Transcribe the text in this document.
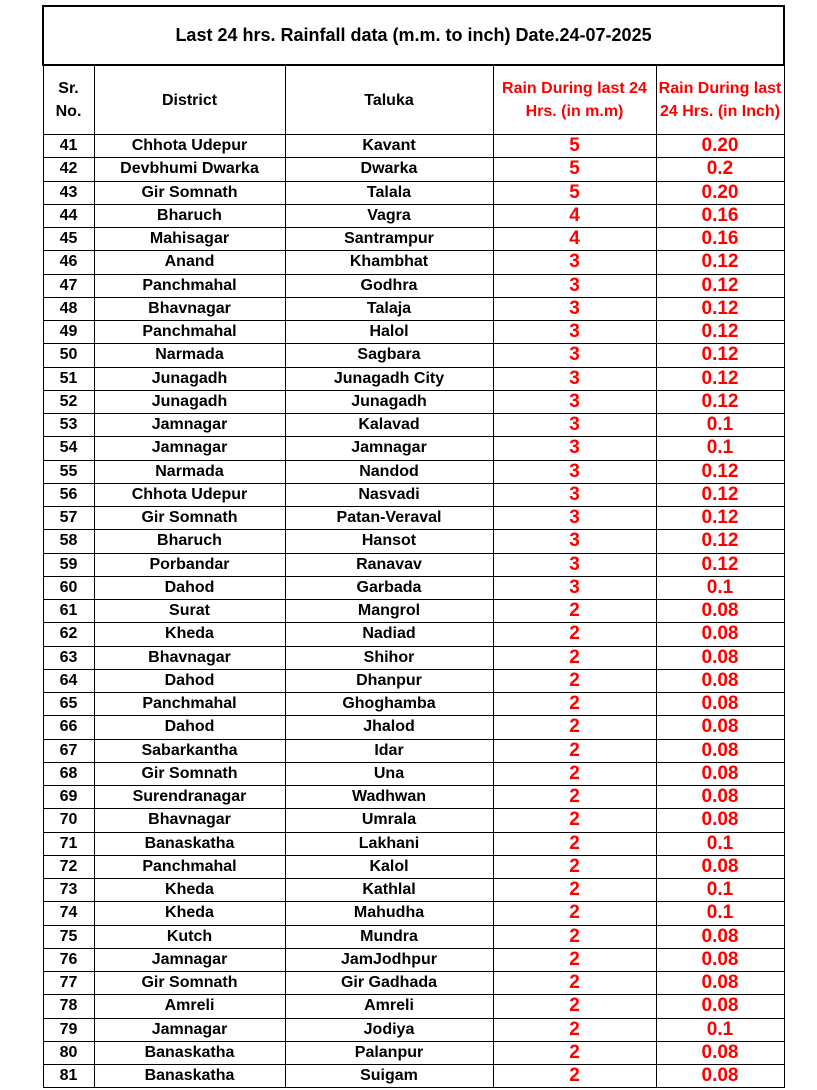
Last 24 hrs. Rainfall data (m.m. to inch) Date.24-07-2025				
Sr. No.	District	Taluka	Rain During last 24 Hrs. (in m.m)	Rain During last 24 Hrs. (in Inch)
41	Chhota Udepur	Kavant	5	0.20
42	Devbhumi Dwarka	Dwarka	5	0.2
43	Gir Somnath	Talala	5	0.20
44	Bharuch	Vagra	4	0.16
45	Mahisagar	Santrampur	4	0.16
46	Anand	Khambhat	3	0.12
47	Panchmahal	Godhra	3	0.12
48	Bhavnagar	Talaja	3	0.12
49	Panchmahal	Halol	3	0.12
50	Narmada	Sagbara	3	0.12
51	Junagadh	Junagadh City	3	0.12
52	Junagadh	Junagadh	3	0.12
53	Jamnagar	Kalavad	3	0.1
54	Jamnagar	Jamnagar	3	0.1
55	Narmada	Nandod	3	0.12
56	Chhota Udepur	Nasvadi	3	0.12
57	Gir Somnath	Patan-Veraval	3	0.12
58	Bharuch	Hansot	3	0.12
59	Porbandar	Ranavav	3	0.12
60	Dahod	Garbada	3	0.1
61	Surat	Mangrol	2	0.08
62	Kheda	Nadiad	2	0.08
63	Bhavnagar	Shihor	2	0.08
64	Dahod	Dhanpur	2	0.08
65	Panchmahal	Ghoghamba	2	0.08
66	Dahod	Jhalod	2	0.08
67	Sabarkantha	Idar	2	0.08
68	Gir Somnath	Una	2	0.08
69	Surendranagar	Wadhwan	2	0.08
70	Bhavnagar	Umrala	2	0.08
71	Banaskatha	Lakhani	2	0.1
72	Panchmahal	Kalol	2	0.08
73	Kheda	Kathlal	2	0.1
74	Kheda	Mahudha	2	0.1
75	Kutch	Mundra	2	0.08
76	Jamnagar	JamJodhpur	2	0.08
77	Gir Somnath	Gir Gadhada	2	0.08
78	Amreli	Amreli	2	0.08
79	Jamnagar	Jodiya	2	0.1
80	Banaskatha	Palanpur	2	0.08
81	Banaskatha	Suigam	2	0.08
